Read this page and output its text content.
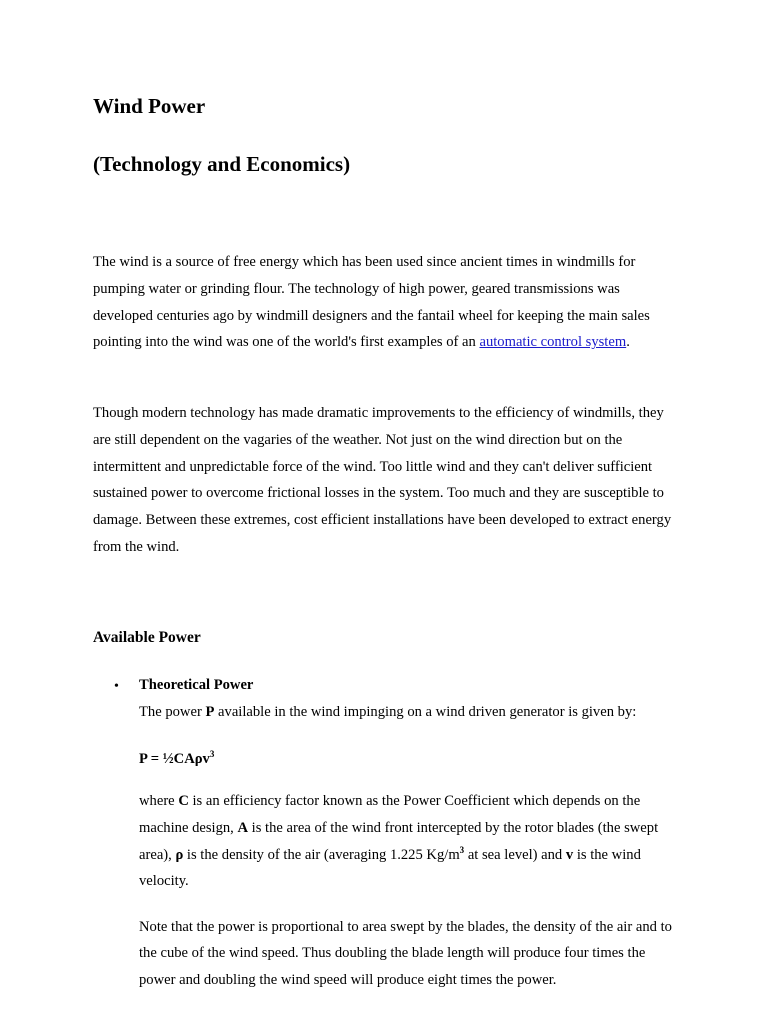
Wind Power
(Technology and Economics)

The wind is a source of free energy which has been used since ancient times in windmills for pumping water or grinding flour. The technology of high power, geared transmissions was developed centuries ago by windmill designers and the fantail wheel for keeping the main sales pointing into the wind was one of the world's first examples of an automatic control system.

Though modern technology has made dramatic improvements to the efficiency of windmills, they are still dependent on the vagaries of the weather. Not just on the wind direction but on the intermittent and unpredictable force of the wind. Too little wind and they can't deliver sufficient sustained power to overcome frictional losses in the system. Too much and they are susceptible to damage. Between these extremes, cost efficient installations have been developed to extract energy from the wind.

Available Power
• Theoretical Power
The power P available in the wind impinging on a wind driven generator is given by:
P = ½CAρv$^3$

where C is an efficiency factor known as the Power Coefficient which depends on the machine design, A is the area of the wind front intercepted by the rotor blades (the swept area), ρ is the density of the air (averaging 1.225 $Kg/m^3$ at sea level) and v is the wind velocity.

Note that the power is proportional to area swept by the blades, the density of the air and to the cube of the wind speed. Thus doubling the blade length will produce four times the power and doubling the wind speed will produce eight times the power.
